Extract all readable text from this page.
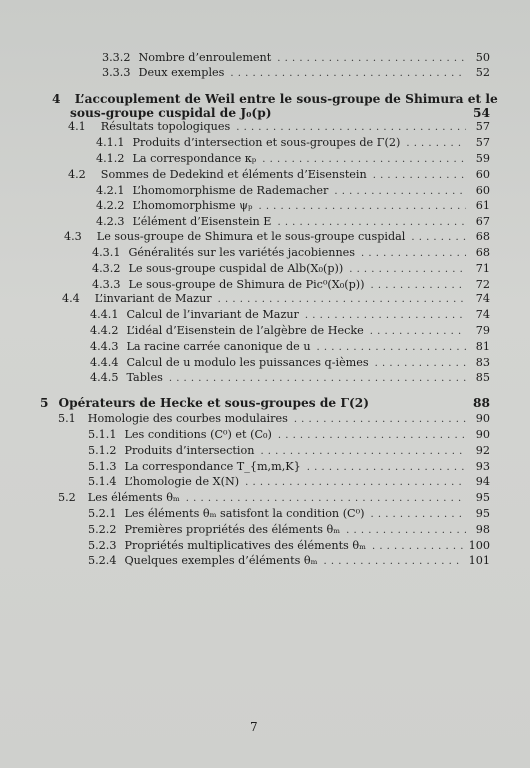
3.3.2 Nombre d’enroulement . . .	50
3.3.3 Deux exemples . . .	52
4 L’accouplement de Weil entre le sous-groupe de Shimura et le
sous-groupe cuspidal de J₀(p)	54
4.1 Résultats topologiques . . .	57
4.1.1 Produits d’intersection et sous-groupes de Γ(2) . . .	57
4.1.2 La correspondance κₚ . . .	59
4.2 Sommes de Dedekind et éléments d’Eisenstein . . .	60
4.2.1 L’homomorphisme de Rademacher . . .	60
4.2.2 L’homomorphisme ψₚ . . .	61
4.2.3 L’élément d’Eisenstein E . . .	67
4.3 Le sous-groupe de Shimura et le sous-groupe cuspidal . . .	68
4.3.1 Généralités sur les variétés jacobiennes . . .	68
4.3.2 Le sous-groupe cuspidal de Alb(X₀(p)) . . .	71
4.3.3 Le sous-groupe de Shimura de Pic⁰(X₀(p)) . . .	72
4.4 L’invariant de Mazur . . .	74
4.4.1 Calcul de l’invariant de Mazur . . .	74
4.4.2 L’idéal d’Eisenstein de l’algèbre de Hecke . . .	79
4.4.3 La racine carrée canonique de u . . .	81
4.4.4 Calcul de u modulo les puissances q-ièmes . . .	83
4.4.5 Tables . . .	85
5 Opérateurs de Hecke et sous-groupes de Γ(2)	88
5.1 Homologie des courbes modulaires . . .	90
5.1.1 Les conditions (C⁰) et (C₀) . . .	90
5.1.2 Produits d’intersection . . .	92
5.1.3 La correspondance T_{m,m,K} . . .	93
5.1.4 L’homologie de X(N) . . .	94
5.2 Les éléments θₘ . . .	95
5.2.1 Les éléments θₘ satisfont la condition (C⁰) . . .	95
5.2.2 Premières propriétés des éléments θₘ . . .	98
5.2.3 Propriétés multiplicatives des éléments θₘ . . .	100
5.2.4 Quelques exemples d’éléments θₘ . . .	101
7
